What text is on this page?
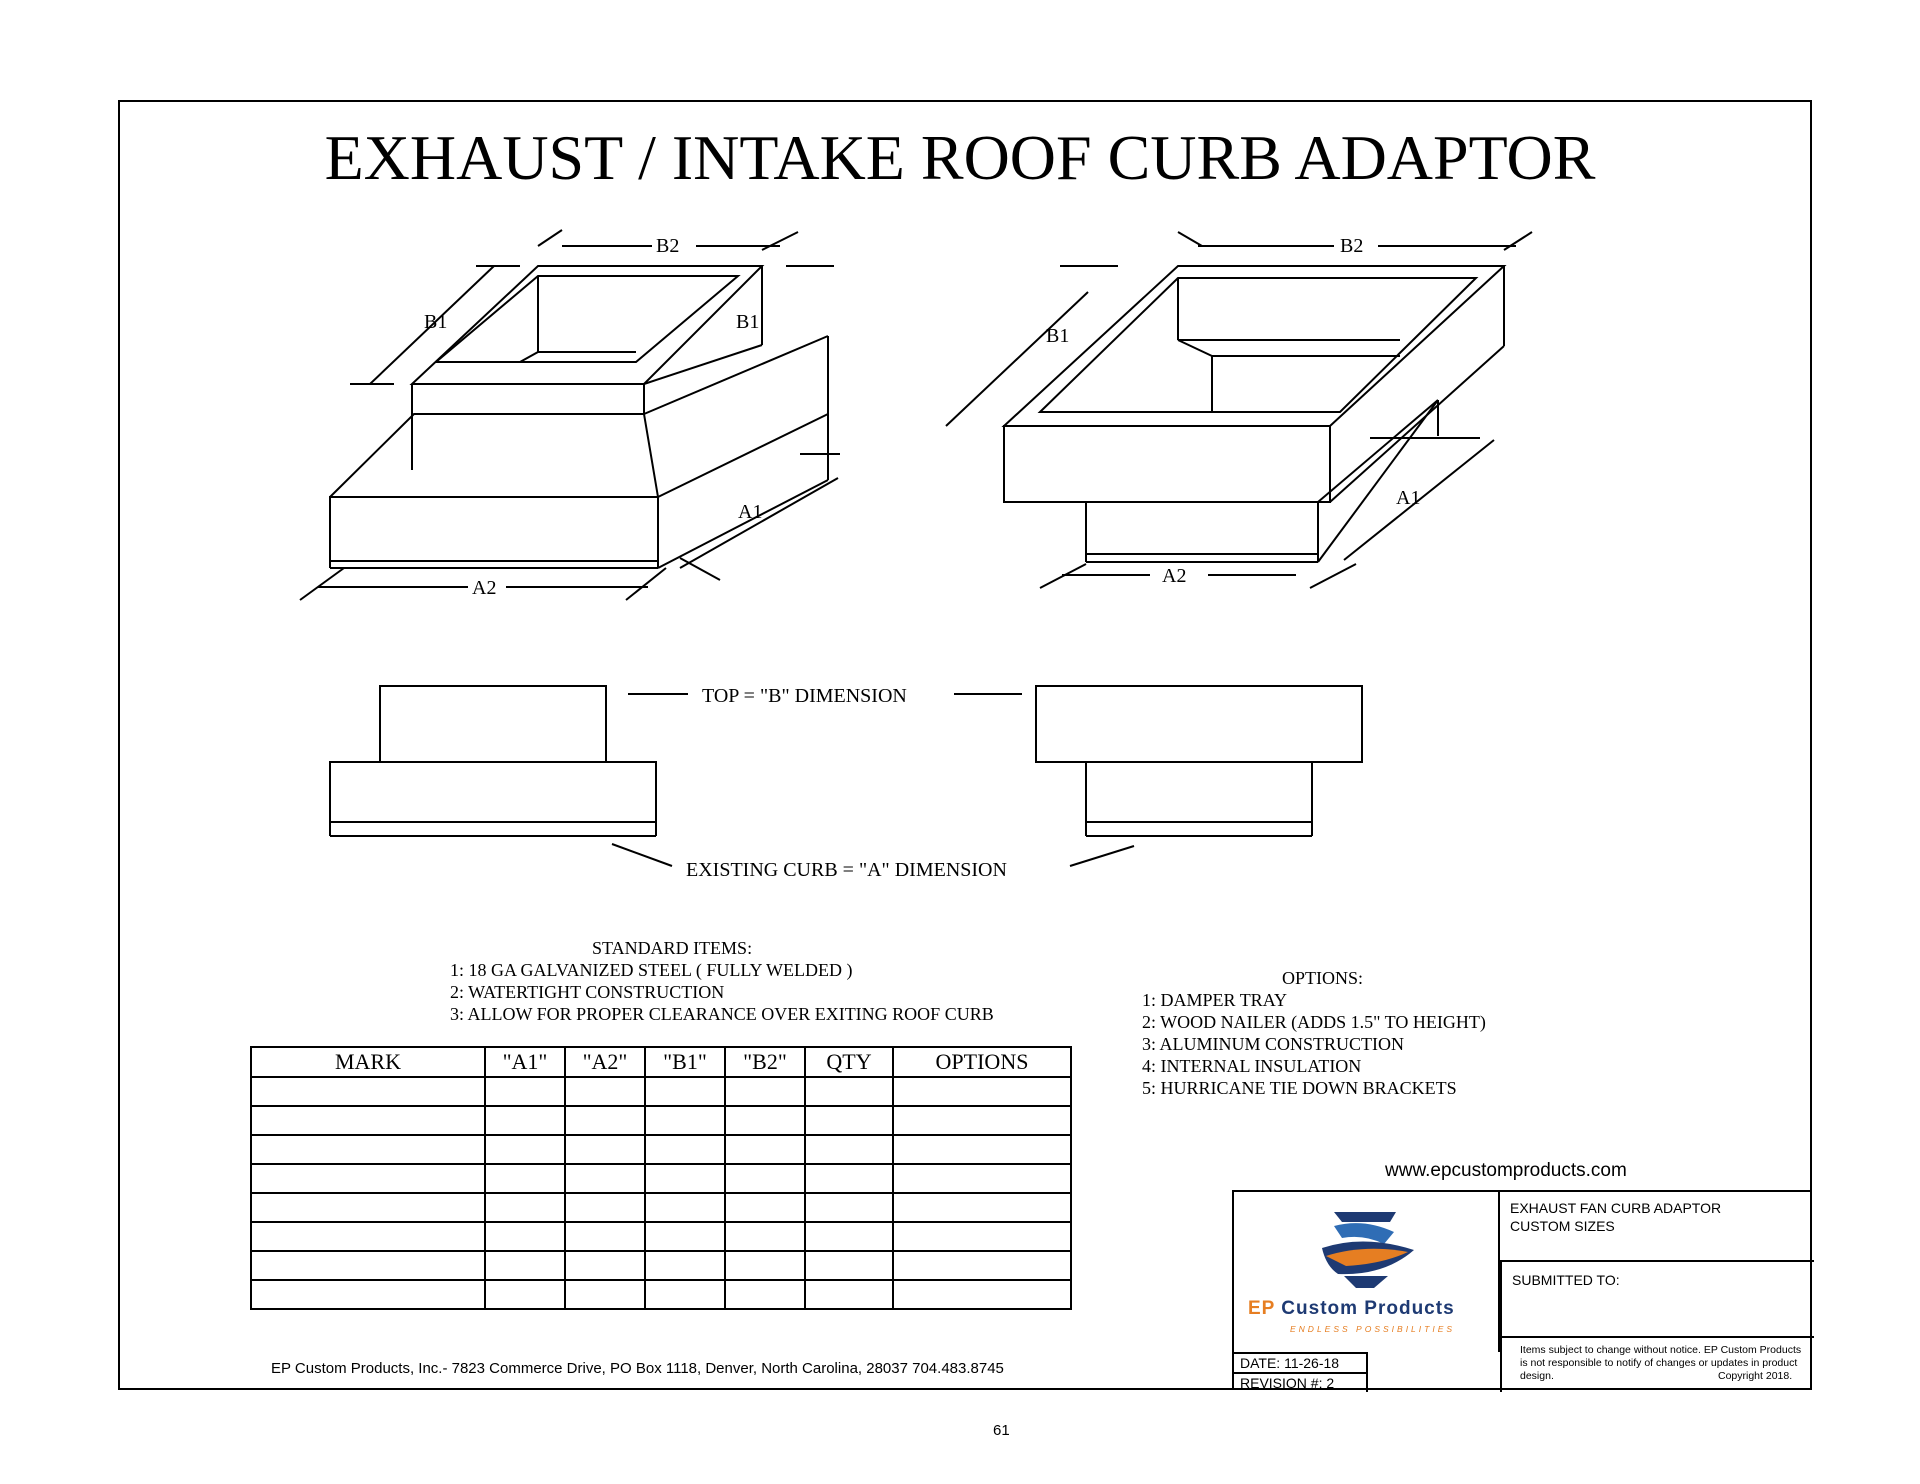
EXHAUST / INTAKE ROOF CURB ADAPTOR
B2
B1	B1
A1
A2
B2
B1
A1
A2
TOP = "B" DIMENSION
EXISTING CURB = "A" DIMENSION
STANDARD ITEMS:
1: 18 GA GALVANIZED STEEL ( FULLY WELDED )
2: WATERTIGHT CONSTRUCTION
3: ALLOW FOR PROPER CLEARANCE OVER EXITING ROOF CURB
OPTIONS:
1: DAMPER TRAY
2: WOOD NAILER (ADDS 1.5" TO HEIGHT)
3: ALUMINUM CONSTRUCTION
4: INTERNAL INSULATION
5: HURRICANE TIE DOWN BRACKETS
MARK	"A1"	"A2"	"B1"	"B2"	QTY	OPTIONS

EP Custom Products, Inc.- 7823 Commerce Drive, PO Box 1118, Denver, North Carolina, 28037 704.483.8745
www.epcustomproducts.com
EP Custom Products
ENDLESS POSSIBILITIES
EXHAUST FAN CURB ADAPTOR
CUSTOM SIZES
SUBMITTED TO:
Items subject to change without notice. EP Custom Products is not responsible to notify of changes or updates in product design.	Copyright 2018.
DATE: 11-26-18
REVISION #: 2
61
